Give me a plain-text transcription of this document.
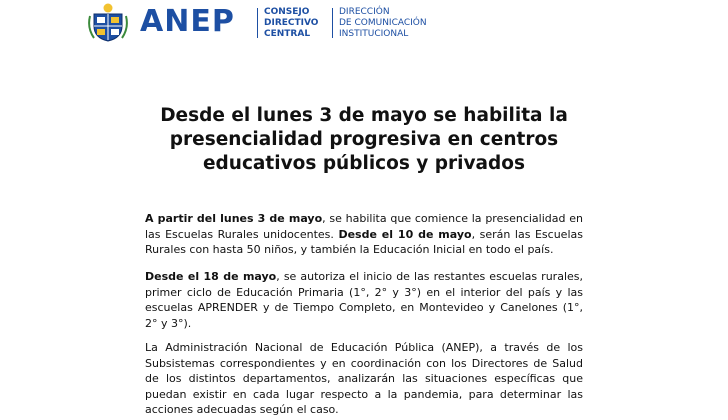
ANEP	CONSEJO
DIRECTIVO
CENTRAL
DIRECCIÓN
DE COMUNICACIÓN
INSTITUCIONAL
Desde el lunes 3 de mayo se habilita la
presencialidad progresiva en centros
educativos públicos y privados
A partir del lunes 3 de mayo, se habilita que comience la presencialidad en las Escuelas Rurales unidocentes. Desde el 10 de mayo, serán las Escuelas Rurales con hasta 50 niños, y también la Educación Inicial en todo el país.
Desde el 18 de mayo, se autoriza el inicio de las restantes escuelas rurales, primer ciclo de Educación Primaria (1°, 2° y 3°) en el interior del país y las escuelas APRENDER y de Tiempo Completo, en Montevideo y Canelones (1°, 2° y 3°).
La Administración Nacional de Educación Pública (ANEP), a través de los Subsistemas correspondientes y en coordinación con los Directores de Salud de los distintos departamentos, analizarán las situaciones específicas que puedan existir en cada lugar respecto a la pandemia, para determinar las acciones adecuadas según el caso.
